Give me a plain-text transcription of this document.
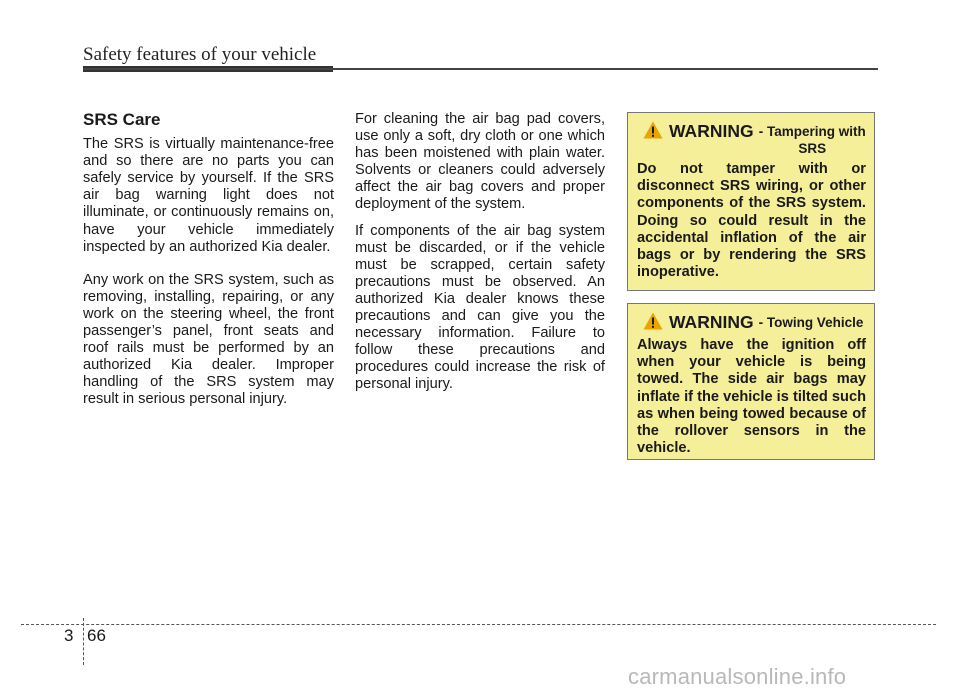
Safety features of your vehicle
SRS Care

The SRS is virtually maintenance-free and so there are no parts you can safely service by yourself. If the SRS air bag warning light does not illuminate, or continuously remains on, have your vehicle immediately inspected by an authorized Kia dealer.

Any work on the SRS system, such as removing, installing, repairing, or any work on the steering wheel, the front passenger’s panel, front seats and roof rails must be performed by an authorized Kia dealer. Improper handling of the SRS system may result in serious personal injury.

For cleaning the air bag pad covers, use only a soft, dry cloth or one which has been moistened with plain water. Solvents or cleaners could adversely affect the air bag covers and proper deployment of the system.

If components of the air bag system must be discarded, or if the vehicle must be scrapped, certain safety precautions must be observed. An authorized Kia dealer knows these precautions and can give you the necessary information. Failure to follow these precautions and procedures could increase the risk of personal injury.

WARNING - Tampering with SRS
Do not tamper with or disconnect SRS wiring, or other components of the SRS system. Doing so could result in the accidental inflation of the air bags or by rendering the SRS inoperative.
WARNING - Towing Vehicle
Always have the ignition off when your vehicle is being towed. The side air bags may inflate if the vehicle is tilted such as when being towed because of the rollover sensors in the vehicle.
3 66
carmanualsonline.info
